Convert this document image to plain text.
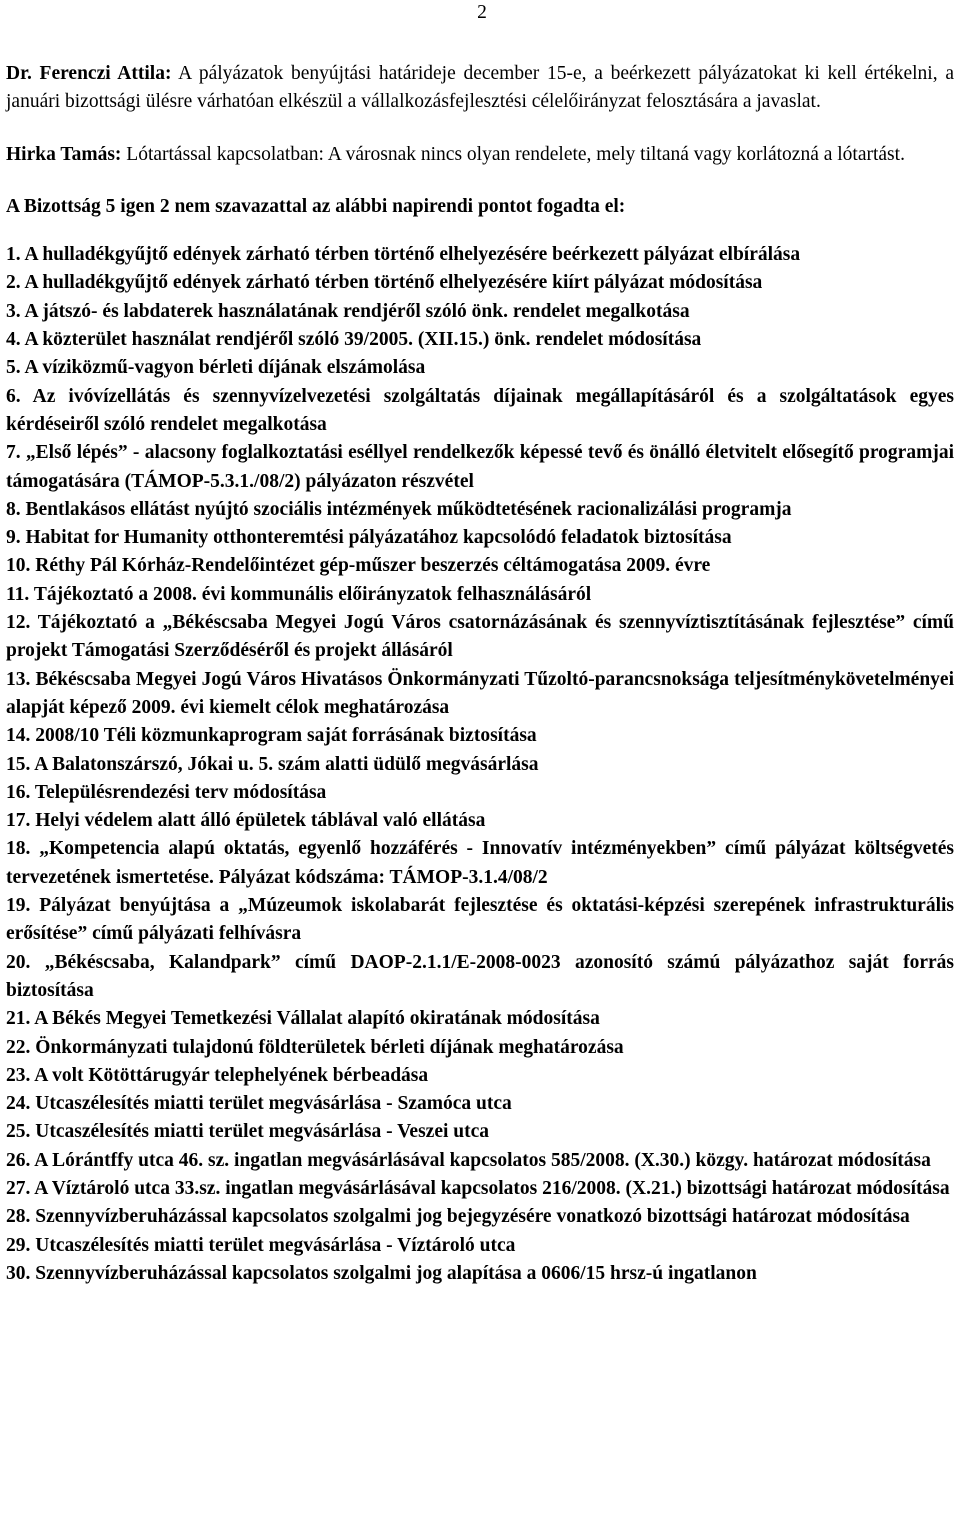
2

Dr. Ferenczi Attila: A pályázatok benyújtási határideje december 15-e, a beérkezett pályázatokat ki kell értékelni, a januári bizottsági ülésre várhatóan elkészül a vállalkozásfejlesztési célelőirányzat felosztására a javaslat.

Hirka Tamás: Lótartással kapcsolatban: A városnak nincs olyan rendelete, mely tiltaná vagy korlátozná a lótartást.

A Bizottság 5 igen 2 nem szavazattal az alábbi napirendi pontot fogadta el:

1. A hulladékgyűjtő edények zárható térben történő elhelyezésére beérkezett pályázat elbírálása
2. A hulladékgyűjtő edények zárható térben történő elhelyezésére kiírt pályázat módosítása
3. A játszó- és labdaterek használatának rendjéről szóló önk. rendelet megalkotása
4. A közterület használat rendjéről szóló 39/2005. (XII.15.) önk. rendelet módosítása
5. A víziközmű-vagyon bérleti díjának elszámolása
6. Az ivóvízellátás és szennyvízelvezetési szolgáltatás díjainak megállapításáról és a szolgáltatások egyes kérdéseiről szóló rendelet megalkotása
7. „Első lépés” - alacsony foglalkoztatási eséllyel rendelkezők képessé tevő és önálló életvitelt elősegítő programjai támogatására (TÁMOP-5.3.1./08/2) pályázaton részvétel
8. Bentlakásos ellátást nyújtó szociális intézmények működtetésének racionalizálási programja
9. Habitat for Humanity otthonteremtési pályázatához kapcsolódó feladatok biztosítása
10. Réthy Pál Kórház-Rendelőintézet gép-műszer beszerzés céltámogatása 2009. évre
11. Tájékoztató a 2008. évi kommunális előirányzatok felhasználásáról
12. Tájékoztató a „Békéscsaba Megyei Jogú Város csatornázásának és szennyvíztisztításának fejlesztése” című projekt Támogatási Szerződéséről és projekt állásáról
13. Békéscsaba Megyei Jogú Város Hivatásos Önkormányzati Tűzoltó-parancsnoksága teljesítménykövetelményei alapját képező 2009. évi kiemelt célok meghatározása
14. 2008/10 Téli közmunkaprogram saját forrásának biztosítása
15. A Balatonszárszó, Jókai u. 5. szám alatti üdülő megvásárlása
16. Településrendezési terv módosítása
17. Helyi védelem alatt álló épületek táblával való ellátása
18. „Kompetencia alapú oktatás, egyenlő hozzáférés - Innovatív intézményekben” című pályázat költségvetés tervezetének ismertetése. Pályázat kódszáma: TÁMOP-3.1.4/08/2
19. Pályázat benyújtása a „Múzeumok iskolabarát fejlesztése és oktatási-képzési szerepének infrastrukturális erősítése” című pályázati felhívásra
20. „Békéscsaba, Kalandpark” című DAOP-2.1.1/E-2008-0023 azonosító számú pályázathoz saját forrás biztosítása
21. A Békés Megyei Temetkezési Vállalat alapító okiratának módosítása
22. Önkormányzati tulajdonú földterületek bérleti díjának meghatározása
23. A volt Kötöttárugyár telephelyének bérbeadása
24. Utcaszélesítés miatti terület megvásárlása - Szamóca utca
25. Utcaszélesítés miatti terület megvásárlása - Veszei utca
26. A Lórántffy utca 46. sz. ingatlan megvásárlásával kapcsolatos 585/2008. (X.30.) közgy. határozat módosítása
27. A Víztároló utca 33.sz. ingatlan megvásárlásával kapcsolatos 216/2008. (X.21.) bizottsági határozat módosítása
28. Szennyvízberuházással kapcsolatos szolgalmi jog bejegyzésére vonatkozó bizottsági határozat módosítása
29. Utcaszélesítés miatti terület megvásárlása - Víztároló utca
30. Szennyvízberuházással kapcsolatos szolgalmi jog alapítása a 0606/15 hrsz-ú ingatlanon
